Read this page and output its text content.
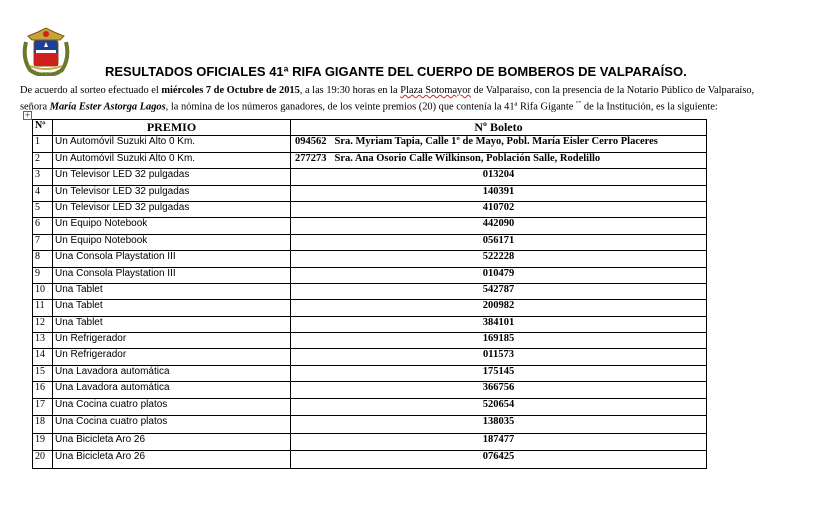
RESULTADOS OFICIALES 41ª RIFA GIGANTE DEL CUERPO DE BOMBEROS DE VALPARAÍSO.
De acuerdo al sorteo efectuado el miércoles 7 de Octubre de 2015, a las 19:30 horas en la Plaza Sotomayor de Valparaíso, con la presencia de la Notario Público de Valparaíso,
señora María Ester Astorga Lagos, la nómina de los números ganadores, de los veinte premios (20) que contenía la 41ª Rifa Gigante “” de la Institución, es la siguiente:
+
Nº	PREMIO	Nº Boleto
1	Un Automóvil Suzuki Alto 0 Km.	094562 Sra. Myriam Tapia, Calle 1º de Mayo, Pobl. María Eisler Cerro Placeres
2	Un Automóvil Suzuki Alto 0 Km.	277273 Sra. Ana Osorio Calle Wilkinson, Población Salle, Rodelillo
3	Un Televisor LED 32 pulgadas	013204
4	Un Televisor LED 32 pulgadas	140391
5	Un Televisor LED 32 pulgadas	410702
6	Un Equipo Notebook	442090
7	Un Equipo Notebook	056171
8	Una Consola Playstation III	522228
9	Una Consola Playstation III	010479
10	Una Tablet	542787
11	Una Tablet	200982
12	Una Tablet	384101
13	Un Refrigerador	169185
14	Un Refrigerador	011573
15	Una Lavadora automática	175145
16	Una Lavadora automática	366756
17	Una Cocina cuatro platos	520654
18	Una Cocina cuatro platos	138035
19	Una Bicicleta Aro 26	187477
20	Una Bicicleta Aro 26	076425
